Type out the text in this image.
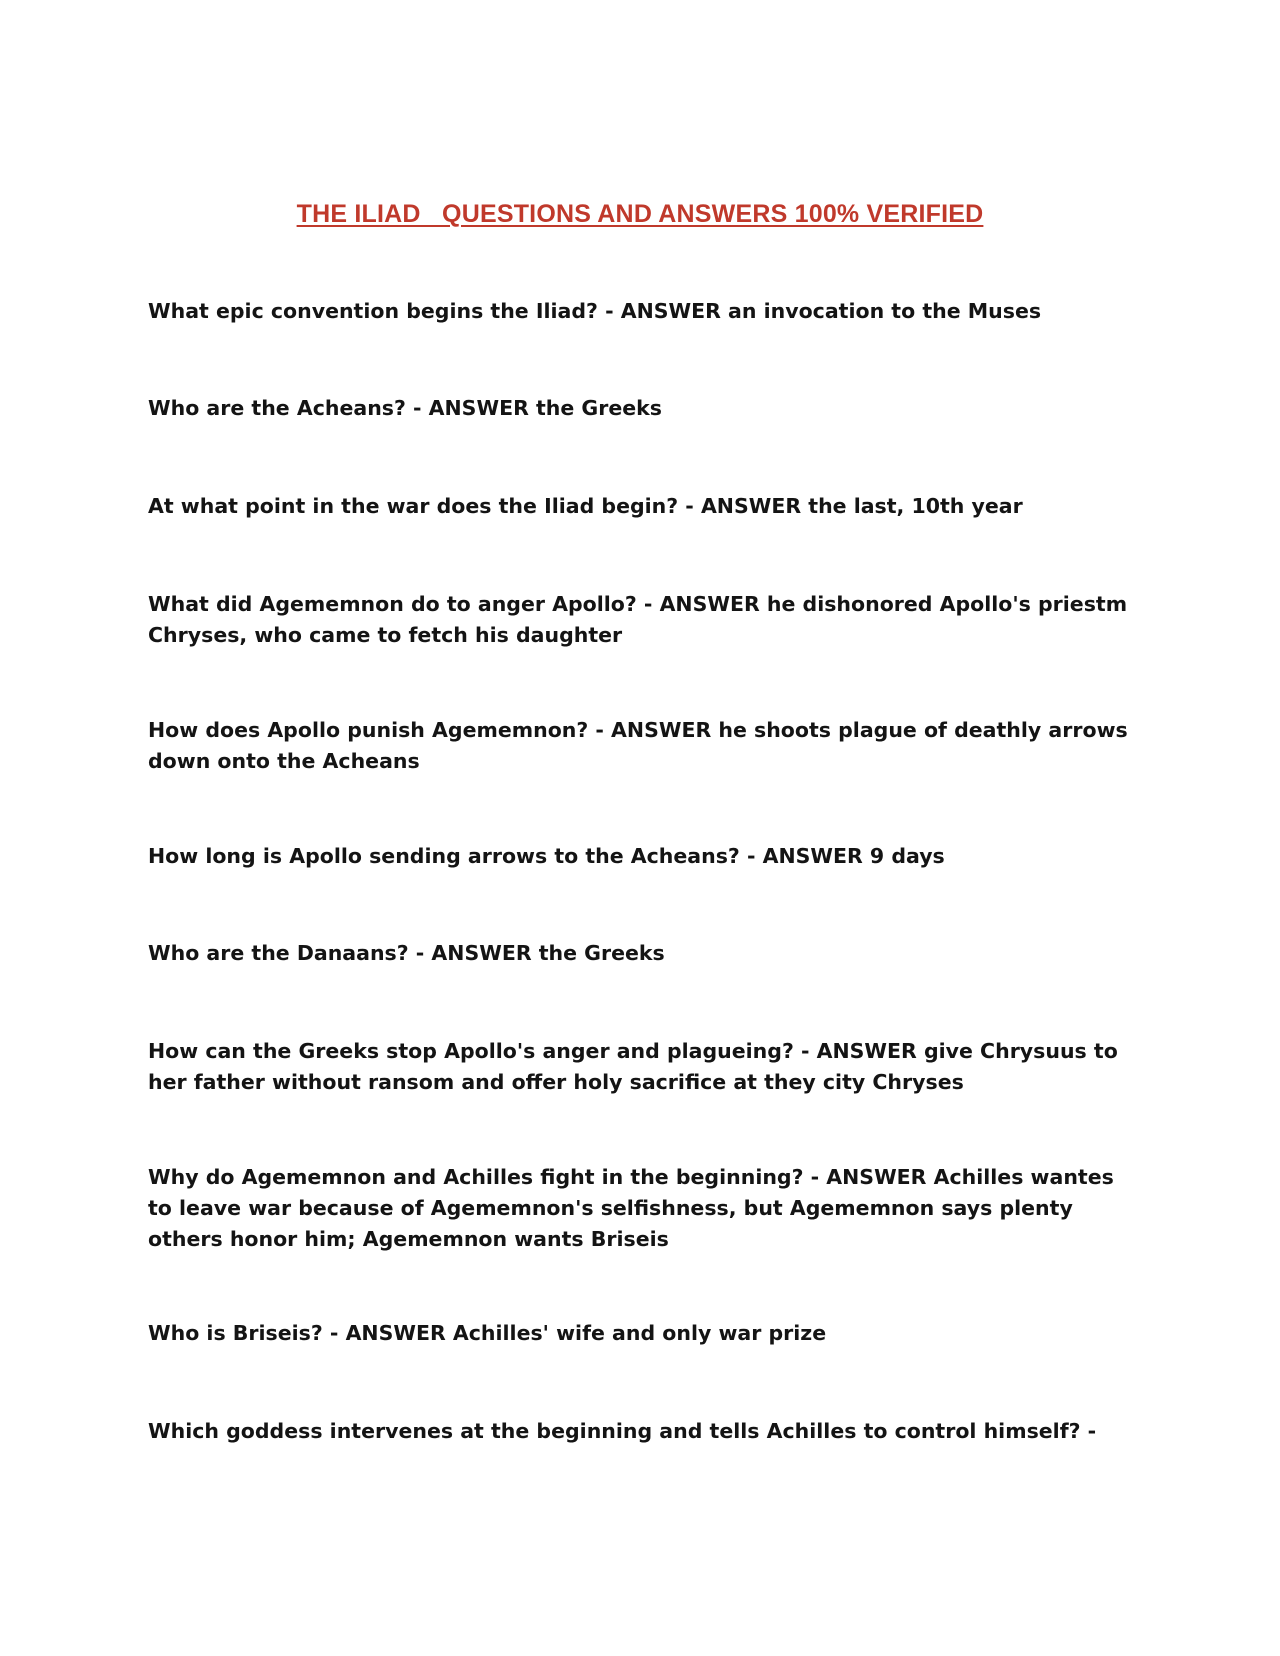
THE ILIAD   QUESTIONS AND ANSWERS 100% VERIFIED

What epic convention begins the Iliad? - ANSWER an invocation to the Muses

Who are the Acheans? - ANSWER the Greeks

At what point in the war does the Iliad begin? - ANSWER the last, 10th year

What did Agememnon do to anger Apollo? - ANSWER he dishonored Apollo's priestm Chryses, who came to fetch his daughter

How does Apollo punish Agememnon? - ANSWER he shoots plague of deathly arrows down onto the Acheans

How long is Apollo sending arrows to the Acheans? - ANSWER 9 days

Who are the Danaans? - ANSWER the Greeks

How can the Greeks stop Apollo's anger and plagueing? - ANSWER give Chrysuus to her father without ransom and offer holy sacrifice at they city Chryses

Why do Agememnon and Achilles fight in the beginning? - ANSWER Achilles wantes to leave war because of Agememnon's selfishness, but Agememnon says plenty others honor him; Agememnon wants Briseis

Who is Briseis? - ANSWER Achilles' wife and only war prize

Which goddess intervenes at the beginning and tells Achilles to control himself? -
